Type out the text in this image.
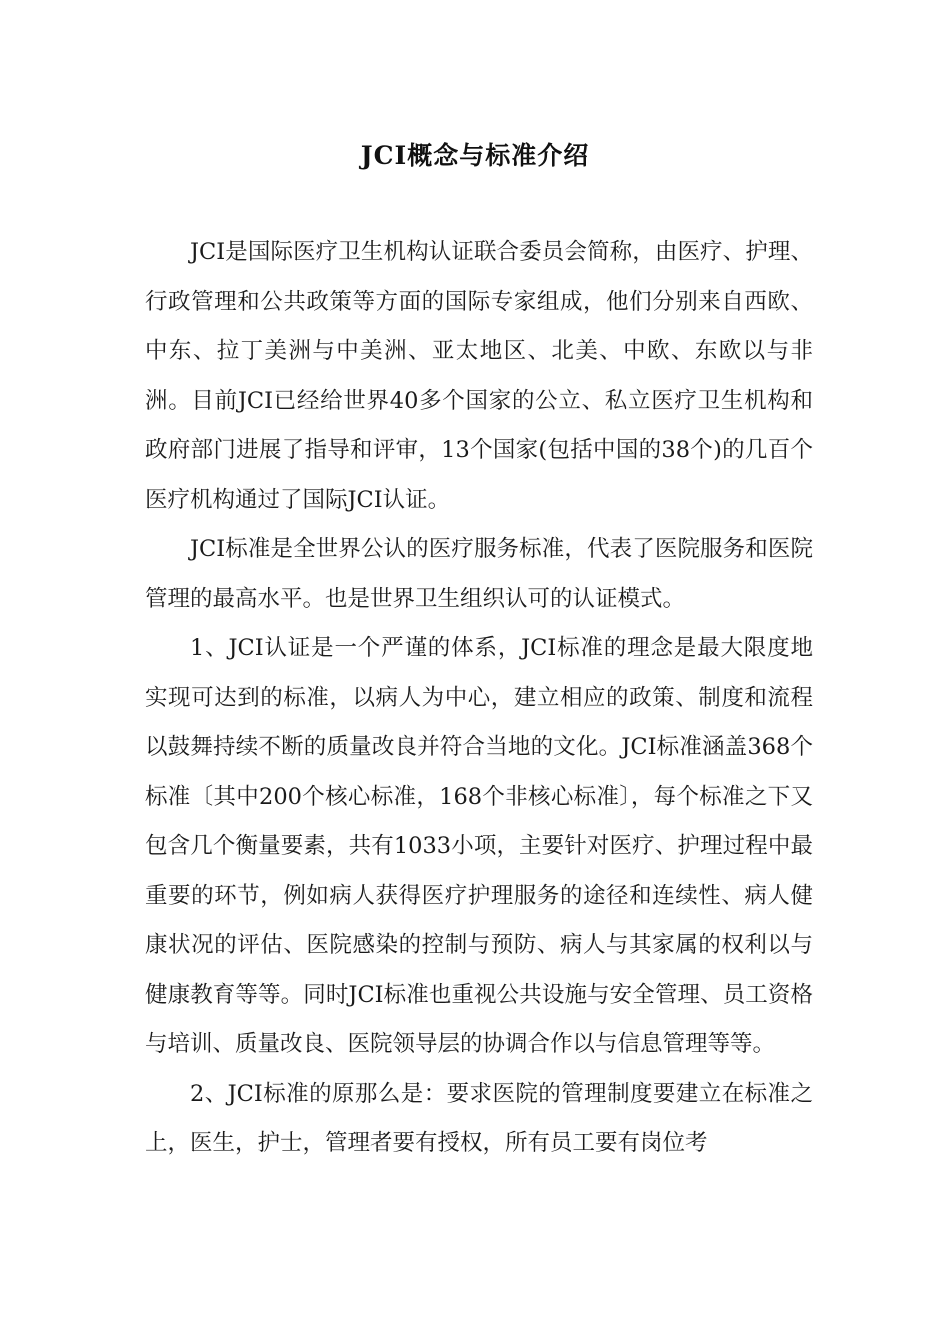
JCI概念与标准介绍

JCI是国际医疗卫生机构认证联合委员会简称，由医疗、护理、行政管理和公共政策等方面的国际专家组成，他们分别来自西欧、中东、拉丁美洲与中美洲、亚太地区、北美、中欧、东欧以与非洲。目前JCI已经给世界40多个国家的公立、私立医疗卫生机构和政府部门进展了指导和评审，13个国家(包括中国的38个)的几百个医疗机构通过了国际JCI认证。

JCI标准是全世界公认的医疗服务标准，代表了医院服务和医院管理的最高水平。也是世界卫生组织认可的认证模式。

1、JCI认证是一个严谨的体系，JCI标准的理念是最大限度地实现可达到的标准，以病人为中心，建立相应的政策、制度和流程以鼓舞持续不断的质量改良并符合当地的文化。JCI标准涵盖368个标准〔其中200个核心标准，168个非核心标准〕，每个标准之下又包含几个衡量要素，共有1033小项，主要针对医疗、护理过程中最重要的环节，例如病人获得医疗护理服务的途径和连续性、病人健康状况的评估、医院感染的控制与预防、病人与其家属的权利以与健康教育等等。同时JCI标准也重视公共设施与安全管理、员工资格与培训、质量改良、医院领导层的协调合作以与信息管理等等。

2、JCI标准的原那么是：要求医院的管理制度要建立在标准之上，医生，护士，管理者要有授权，所有员工要有岗位考
